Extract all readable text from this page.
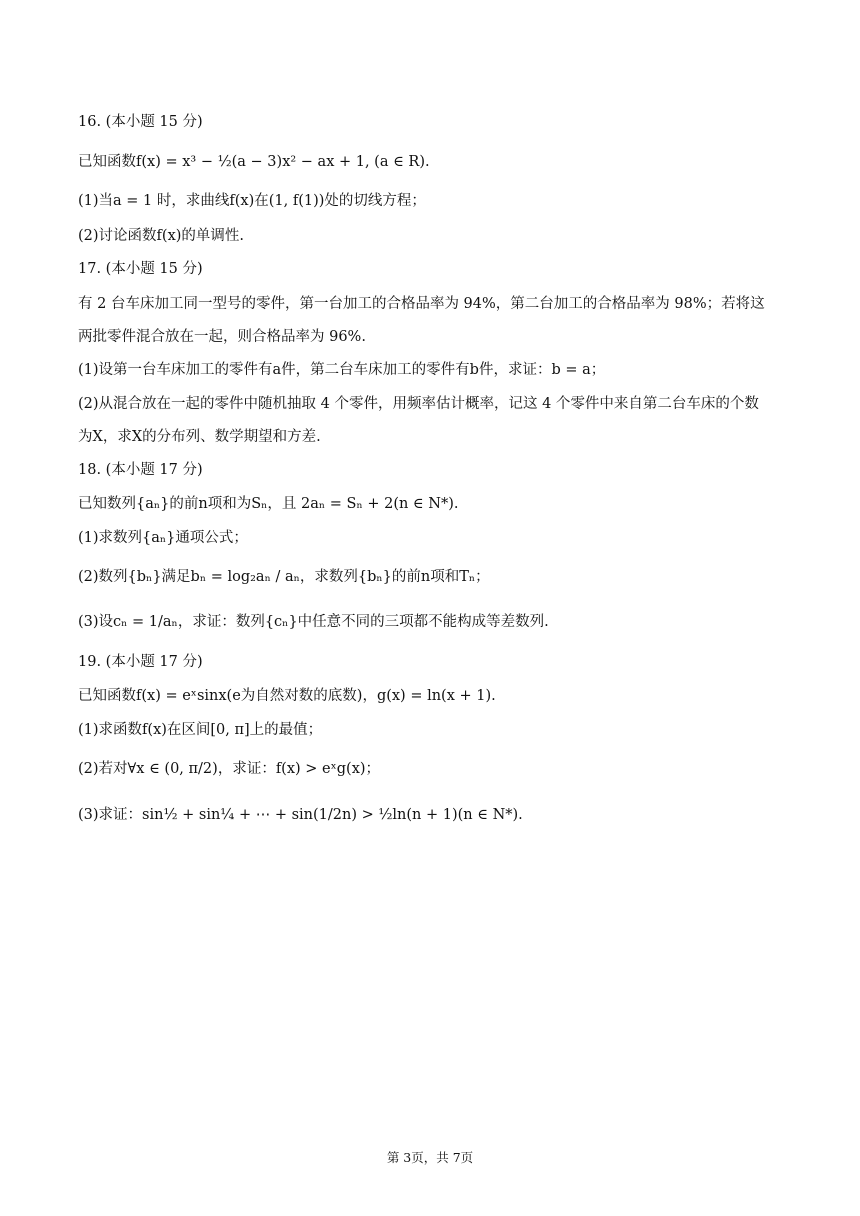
16. (本小题 15 分)
已知函数f(x) = x³ − ½(a − 3)x² − ax + 1, (a ∈ R).
(1)当a = 1 时，求曲线f(x)在(1, f(1))处的切线方程；
(2)讨论函数f(x)的单调性.
17. (本小题 15 分)
有 2 台车床加工同一型号的零件，第一台加工的合格品率为 94%，第二台加工的合格品率为 98%；若将这
两批零件混合放在一起，则合格品率为 96%.
(1)设第一台车床加工的零件有a件，第二台车床加工的零件有b件，求证：b = a；
(2)从混合放在一起的零件中随机抽取 4 个零件，用频率估计概率，记这 4 个零件中来自第二台车床的个数
为X，求X的分布列、数学期望和方差.
18. (本小题 17 分)
已知数列{aₙ}的前n项和为Sₙ，且 2aₙ = Sₙ + 2(n ∈ N*).
(1)求数列{aₙ}通项公式；
(2)数列{bₙ}满足bₙ = log₂aₙ / aₙ，求数列{bₙ}的前n项和Tₙ；
(3)设cₙ = 1/aₙ，求证：数列{cₙ}中任意不同的三项都不能构成等差数列.
19. (本小题 17 分)
已知函数f(x) = eˣsinx(e为自然对数的底数)，g(x) = ln(x + 1).
(1)求函数f(x)在区间[0, π]上的最值；
(2)若对∀x ∈ (0, π/2)，求证：f(x) > eˣg(x)；
(3)求证：sin½ + sin¼ + ⋯ + sin(1/2n) > ½ln(n + 1)(n ∈ N*).
第 3页，共 7页
